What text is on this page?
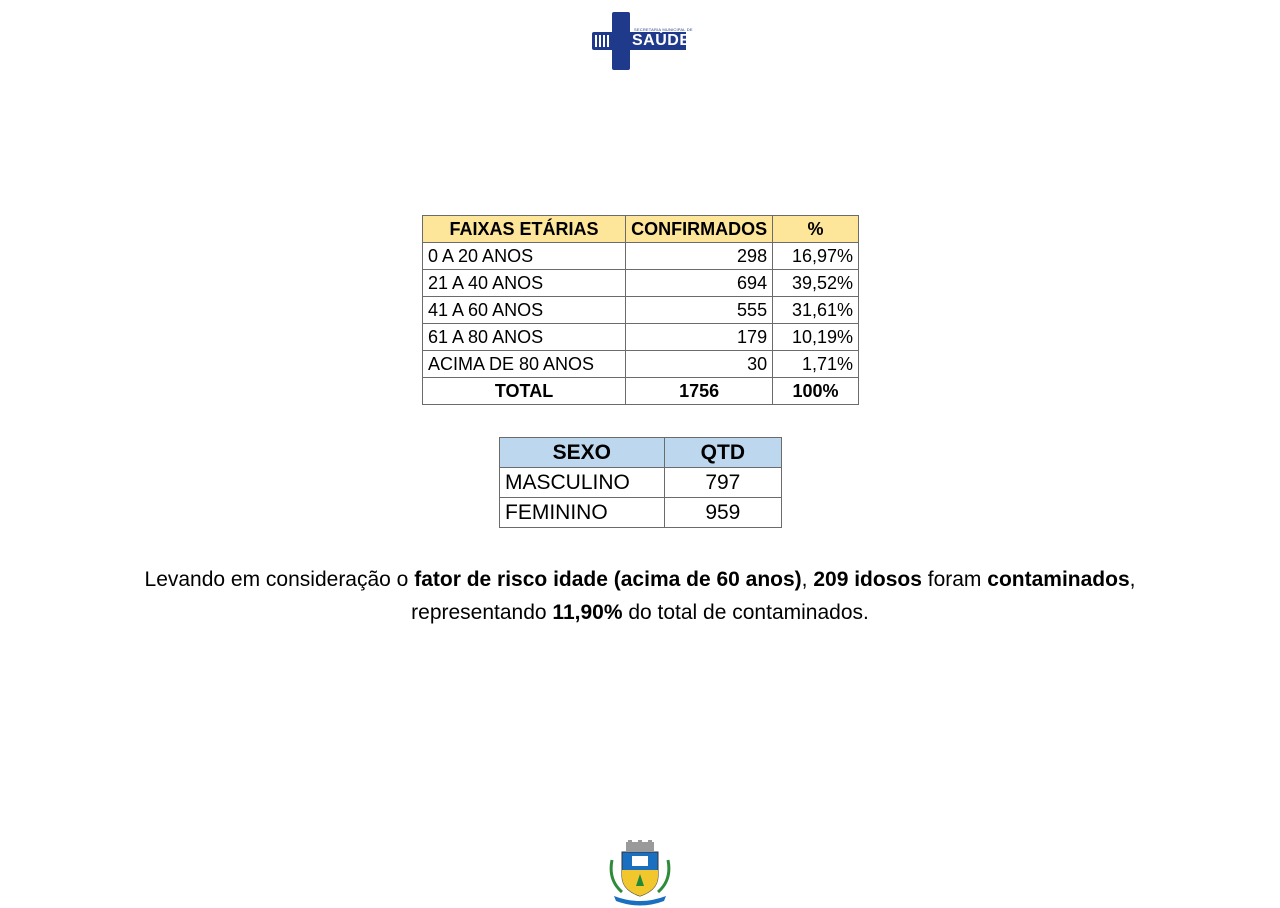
SECRETARIA MUNICIPAL DE
SAÚDE
FAIXAS ETÁRIAS	CONFIRMADOS	%
0 A 20 ANOS	298	16,97%
21 A 40 ANOS	694	39,52%
41 A 60 ANOS	555	31,61%
61 A 80 ANOS	179	10,19%
ACIMA DE 80 ANOS	30	1,71%
TOTAL	1756	100%
SEXO	QTD
MASCULINO	797
FEMININO	959
Levando em consideração o fator de risco idade (acima de 60 anos), 209 idosos foram contaminados,
representando 11,90% do total de contaminados.
